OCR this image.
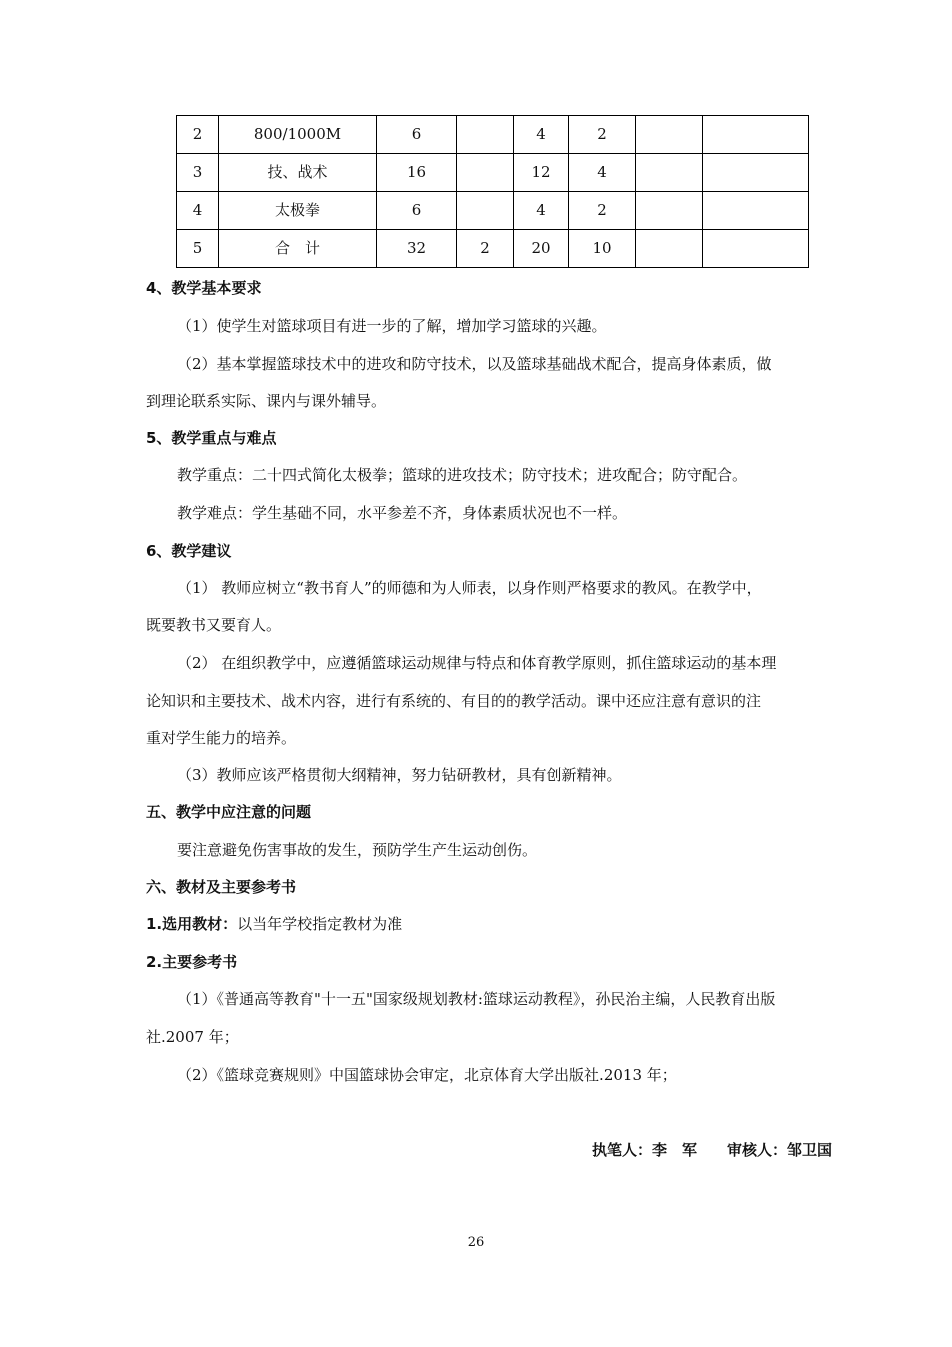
2	800/1000M	6		4	2		
3	技、战术	16		12	4		
4	太极拳	6		4	2		
5	合　计	32	2	20	10		
4、教学基本要求
（1）使学生对篮球项目有进一步的了解，增加学习篮球的兴趣。
（2）基本掌握篮球技术中的进攻和防守技术，以及篮球基础战术配合，提高身体素质，做
到理论联系实际、课内与课外辅导。
5、教学重点与难点
教学重点：二十四式简化太极拳；篮球的进攻技术；防守技术；进攻配合；防守配合。
教学难点：学生基础不同，水平参差不齐，身体素质状况也不一样。
6、教学建议
（1） 教师应树立“教书育人”的师德和为人师表，以身作则严格要求的教风。在教学中，
既要教书又要育人。
（2） 在组织教学中，应遵循篮球运动规律与特点和体育教学原则，抓住篮球运动的基本理
论知识和主要技术、战术内容，进行有系统的、有目的的教学活动。课中还应注意有意识的注
重对学生能力的培养。
（3）教师应该严格贯彻大纲精神，努力钻研教材，具有创新精神。
五、教学中应注意的问题
要注意避免伤害事故的发生，预防学生产生运动创伤。
六、教材及主要参考书
1.选用教材：以当年学校指定教材为准
2.主要参考书
（1）《普通高等教育"十一五"国家级规划教材:篮球运动教程》，孙民治主编，人民教育出版
社.2007 年；
（2）《篮球竞赛规则》中国篮球协会审定，北京体育大学出版社.2013 年；
执笔人：李　军 审核人：邹卫国
26
